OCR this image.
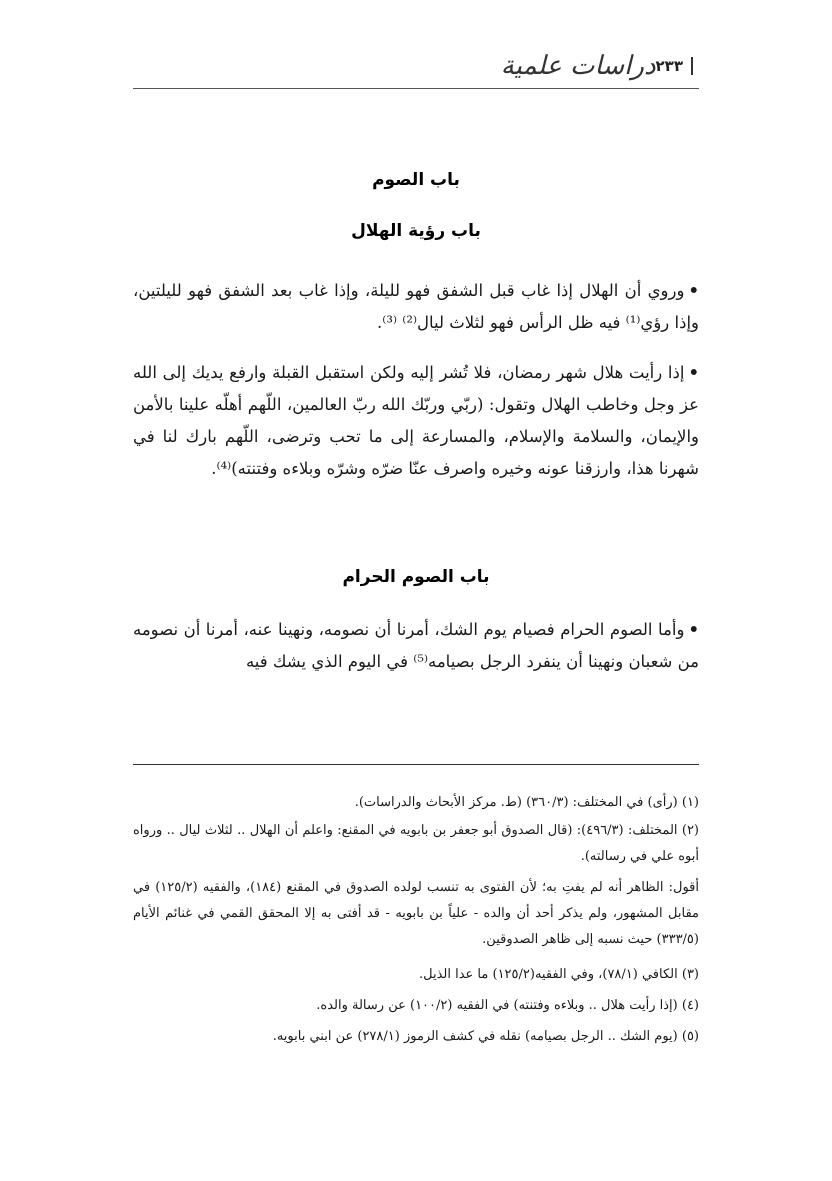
٢٣٣
دراسات علمية
باب الصوم
باب رؤية الهلال
•وروي أن الهلال إذا غاب قبل الشفق فهو لليلة، وإذا غاب بعد الشفق فهو لليلتين، وإذا رؤي⁽¹⁾ فيه ظل الرأس فهو لثلاث ليال⁽²⁾ ⁽³⁾.
•إذا رأيت هلال شهر رمضان، فلا تُشر إليه ولكن استقبل القبلة وارفع يديك إلى الله عز وجل وخاطب الهلال وتقول: (ربّي وربّك الله ربّ العالمين، اللّهم أهلّه علينا بالأمن والإيمان، والسلامة والإسلام، والمسارعة إلى ما تحب وترضى، اللّهم بارك لنا في شهرنا هذا، وارزقنا عونه وخيره واصرف عنّا ضرّه وشرّه وبلاءه وفتنته)⁽⁴⁾.
باب الصوم الحرام
•وأما الصوم الحرام فصيام يوم الشك، أمرنا أن نصومه، ونهينا عنه، أمرنا أن نصومه من شعبان ونهينا أن ينفرد الرجل بصيامه⁽⁵⁾ في اليوم الذي يشك فيه
(١) (رأى) في المختلف: (٣٦٠/٣) (ط. مركز الأبحاث والدراسات).
(٢) المختلف: (٤٩٦/٣): (قال الصدوق أبو جعفر بن بابويه في المقنع: واعلم أن الهلال .. لثلاث ليال .. ورواه أبوه علي في رسالته).
أقول: الظاهر أنه لم يفتِ به؛ لأن الفتوى به تنسب لولده الصدوق في المقنع (١٨٤)، والفقيه (١٢٥/٢) في مقابل المشهور، ولم يذكر أحد أن والده - علياً بن بابويه - قد أفتى به إلا المحقق القمي في غنائم الأيام (٣٣٣/٥) حيث نسبه إلى ظاهر الصدوقين.
(٣) الكافي (٧٨/١)، وفي الفقيه(١٢٥/٢) ما عدا الذيل.
(٤) (إذا رأيت هلال .. وبلاءه وفتنته) في الفقيه (١٠٠/٢) عن رسالة والده.
(٥) (يوم الشك .. الرجل بصيامه) نقله في كشف الرموز (٢٧٨/١) عن ابني بابويه.
